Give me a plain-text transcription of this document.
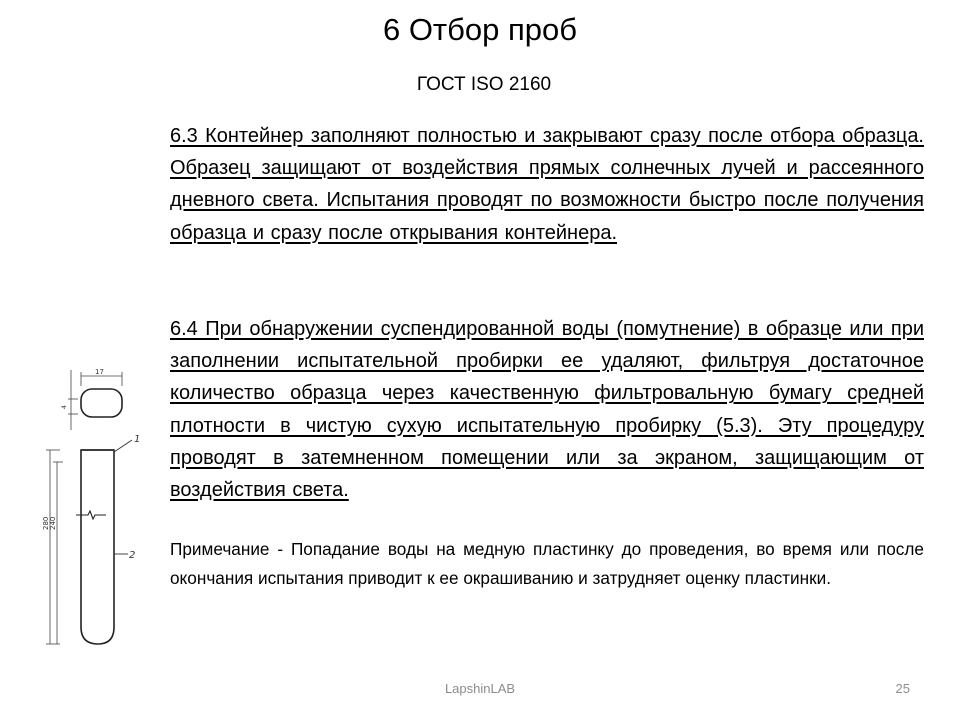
6 Отбор проб
ГОСТ ISO 2160
6.3 Контейнер заполняют полностью и закрывают сразу после отбора образца. Образец защищают от воздействия прямых солнечных лучей и рассеянного дневного света. Испытания проводят по возможности быстро после получения образца и сразу после открывания контейнера.
6.4 При обнаружении суспендированной воды (помутнение) в образце или при заполнении испытательной пробирки ее удаляют, фильтруя достаточное количество образца через качественную фильтровальную бумагу средней плотности в чистую сухую испытательную пробирку (5.3). Эту процедуру проводят в затемненном помещении или за экраном, защищающим от воздействия света.
Примечание - Попадание воды на медную пластинку до проведения, во время или после окончания испытания приводит к ее окрашиванию и затрудняет оценку пластинки.
17
4
1
2
280 240
LapshinLAB	25
